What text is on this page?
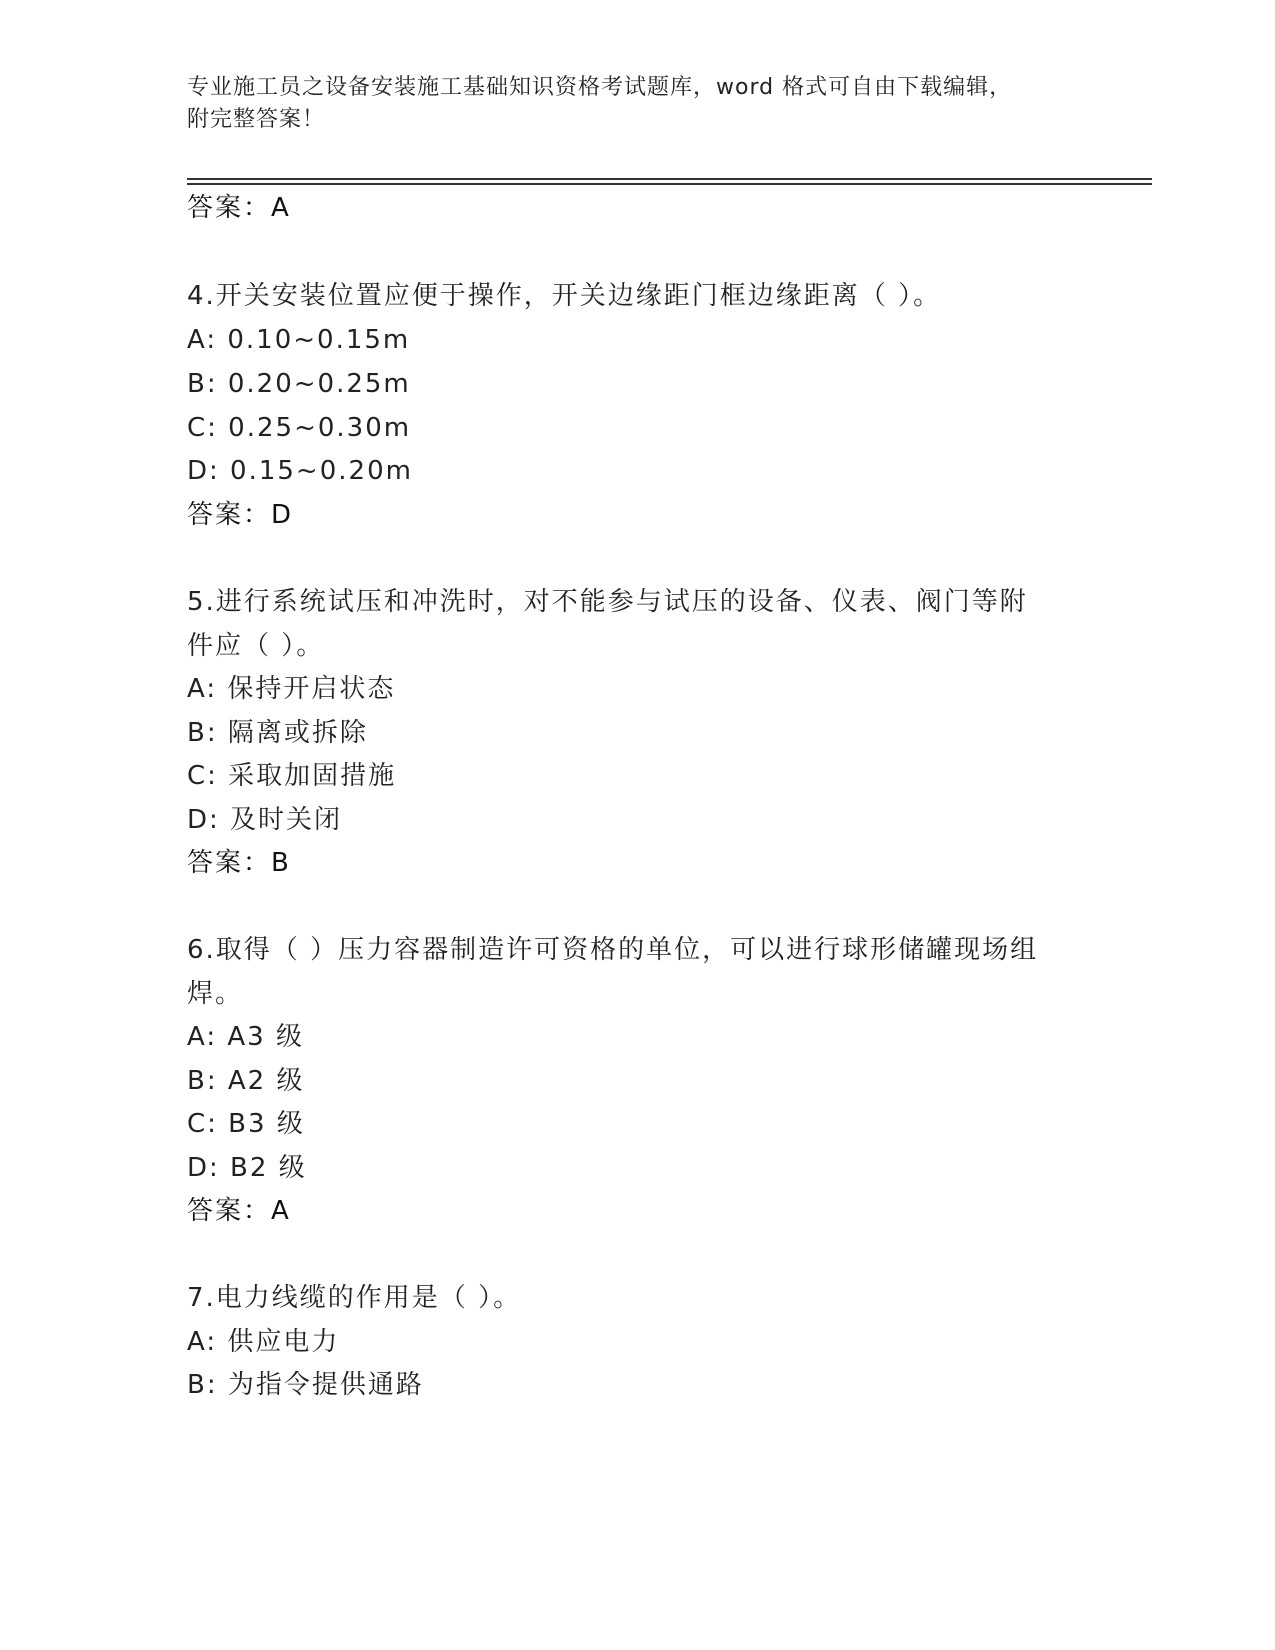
专业施工员之设备安装施工基础知识资格考试题库，word 格式可自由下载编辑，
附完整答案！
答案：A
4.开关安装位置应便于操作，开关边缘距门框边缘距离（ ）。
A: 0.10~0.15m
B: 0.20~0.25m
C: 0.25~0.30m
D: 0.15~0.20m
答案：D
5.进行系统试压和冲洗时，对不能参与试压的设备、仪表、阀门等附
件应（ ）。
A: 保持开启状态
B: 隔离或拆除
C: 采取加固措施
D: 及时关闭
答案：B
6.取得（ ）压力容器制造许可资格的单位，可以进行球形储罐现场组
焊。
A: A3 级
B: A2 级
C: B3 级
D: B2 级
答案：A
7.电力线缆的作用是（ ）。
A: 供应电力
B: 为指令提供通路
